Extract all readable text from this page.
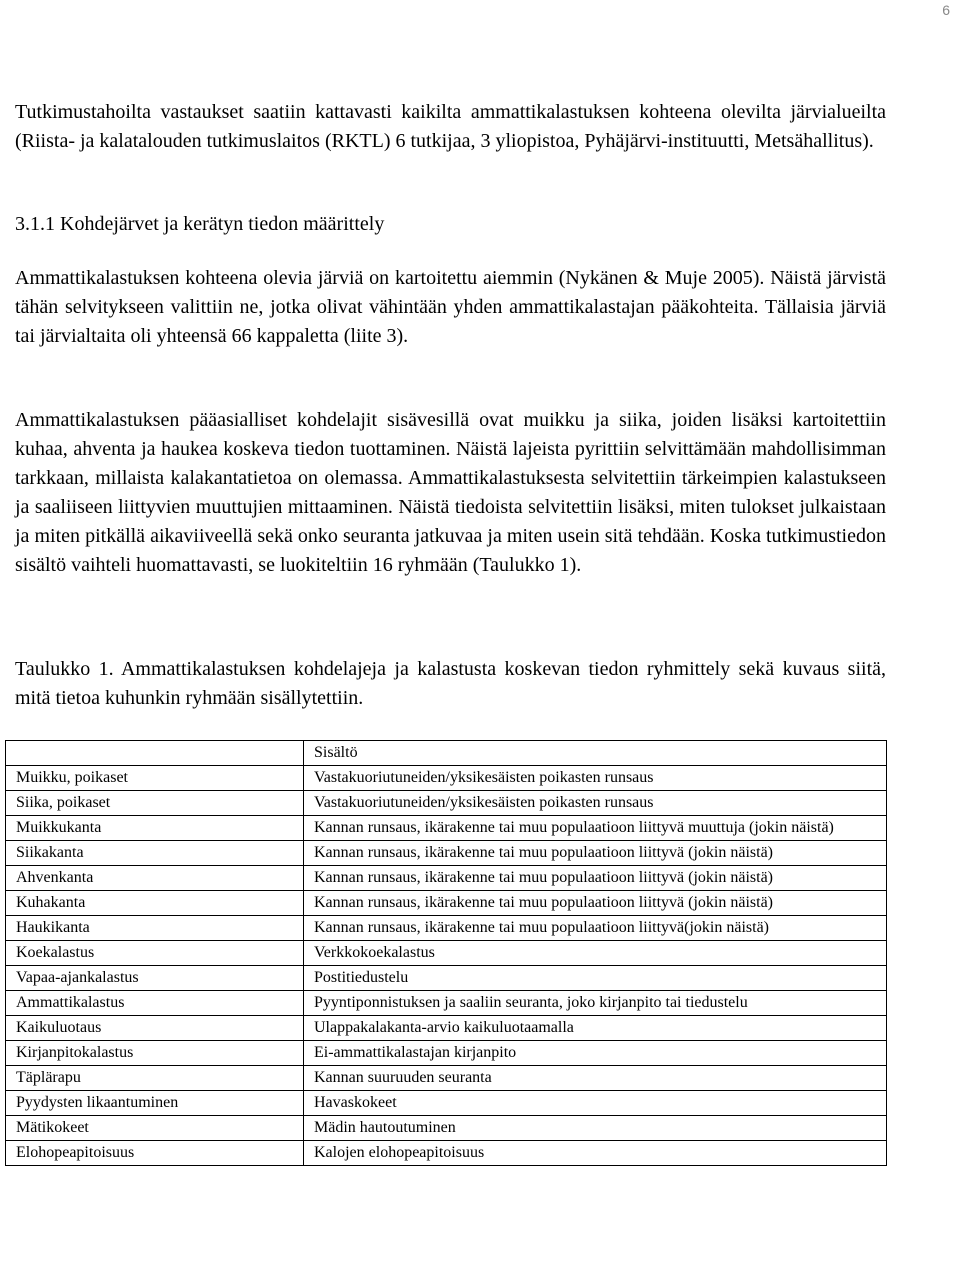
6

Tutkimustahoilta vastaukset saatiin kattavasti kaikilta ammattikalastuksen kohteena olevilta järvialueilta (Riista- ja kalatalouden tutkimuslaitos (RKTL) 6 tutkijaa, 3 yliopistoa, Pyhäjärvi-instituutti, Metsähallitus).

3.1.1 Kohdejärvet ja kerätyn tiedon määrittely

Ammattikalastuksen kohteena olevia järviä on kartoitettu aiemmin (Nykänen & Muje 2005). Näistä järvistä tähän selvitykseen valittiin ne, jotka olivat vähintään yhden ammattikalastajan pääkohteita. Tällaisia järviä tai järvialtaita oli yhteensä 66 kappaletta (liite 3).

Ammattikalastuksen pääasialliset kohdelajit sisävesillä ovat muikku ja siika, joiden lisäksi kartoitettiin kuhaa, ahventa ja haukea koskeva tiedon tuottaminen. Näistä lajeista pyrittiin selvittämään mahdollisimman tarkkaan, millaista kalakantatietoa on olemassa. Ammattikalastuksesta selvitettiin tärkeimpien kalastukseen ja saaliiseen liittyvien muuttujien mittaaminen. Näistä tiedoista selvitettiin lisäksi, miten tulokset julkaistaan ja miten pitkällä aikaviiveellä sekä onko seuranta jatkuvaa ja miten usein sitä tehdään. Koska tutkimustiedon sisältö vaihteli huomattavasti, se luokiteltiin 16 ryhmään (Taulukko 1).

Taulukko 1. Ammattikalastuksen kohdelajeja ja kalastusta koskevan tiedon ryhmittely sekä kuvaus siitä, mitä tietoa kuhunkin ryhmään sisällytettiin.

	Sisältö
Muikku, poikaset	Vastakuoriutuneiden/yksikesäisten poikasten runsaus
Siika, poikaset	Vastakuoriutuneiden/yksikesäisten poikasten runsaus
Muikkukanta	Kannan runsaus, ikärakenne tai muu populaatioon liittyvä muuttuja (jokin näistä)
Siikakanta	Kannan runsaus, ikärakenne tai muu populaatioon liittyvä (jokin näistä)
Ahvenkanta	Kannan runsaus, ikärakenne tai muu populaatioon liittyvä (jokin näistä)
Kuhakanta	Kannan runsaus, ikärakenne tai muu populaatioon liittyvä (jokin näistä)
Haukikanta	Kannan runsaus, ikärakenne tai muu populaatioon liittyvä(jokin näistä)
Koekalastus	Verkkokoekalastus
Vapaa-ajankalastus	Postitiedustelu
Ammattikalastus	Pyyntiponnistuksen ja saaliin seuranta, joko kirjanpito tai tiedustelu
Kaikuluotaus	Ulappakalakanta-arvio kaikuluotaamalla
Kirjanpitokalastus	Ei-ammattikalastajan kirjanpito
Täplärapu	Kannan suuruuden seuranta
Pyydysten likaantuminen	Havaskokeet
Mätikokeet	Mädin hautoutuminen
Elohopeapitoisuus	Kalojen elohopeapitoisuus
